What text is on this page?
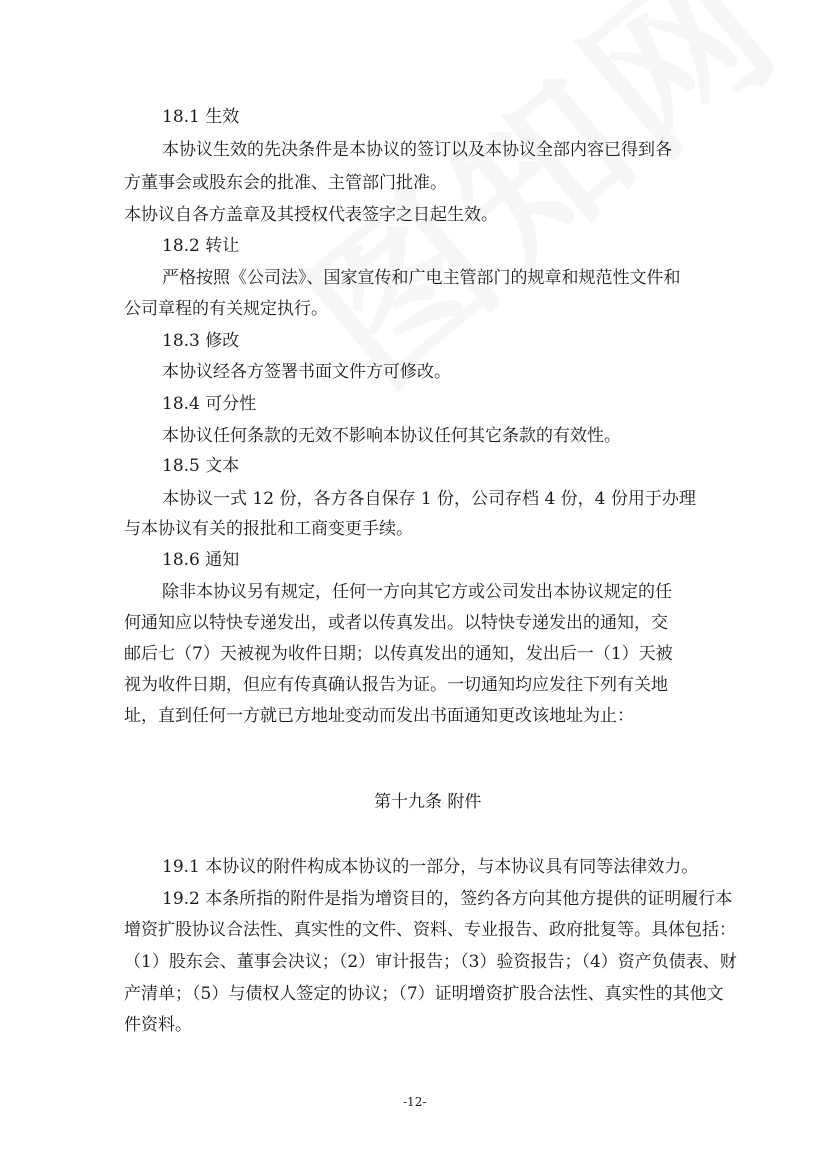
18.1 生效
本协议生效的先决条件是本协议的签订以及本协议全部内容已得到各
方董事会或股东会的批准、主管部门批准。
本协议自各方盖章及其授权代表签字之日起生效。
18.2 转让
严格按照《公司法》、国家宣传和广电主管部门的规章和规范性文件和
公司章程的有关规定执行。
18.3 修改
本协议经各方签署书面文件方可修改。
18.4 可分性
本协议任何条款的无效不影响本协议任何其它条款的有效性。
18.5 文本
本协议一式 12 份，各方各自保存 1 份，公司存档 4 份，4 份用于办理
与本协议有关的报批和工商变更手续。
18.6 通知
除非本协议另有规定，任何一方向其它方或公司发出本协议规定的任
何通知应以特快专递发出，或者以传真发出。以特快专递发出的通知，交
邮后七（7）天被视为收件日期；以传真发出的通知，发出后一（1）天被
视为收件日期，但应有传真确认报告为证。一切通知均应发往下列有关地
址，直到任何一方就已方地址变动而发出书面通知更改该地址为止：
第十九条 附件
19.1 本协议的附件构成本协议的一部分，与本协议具有同等法律效力。
19.2 本条所指的附件是指为增资目的，签约各方向其他方提供的证明履行本
增资扩股协议合法性、真实性的文件、资料、专业报告、政府批复等。具体包括：
（1）股东会、董事会决议；（2）审计报告；（3）验资报告；（4）资产负债表、财
产清单；（5）与债权人签定的协议；（7）证明增资扩股合法性、真实性的其他文
件资料。
-12-
